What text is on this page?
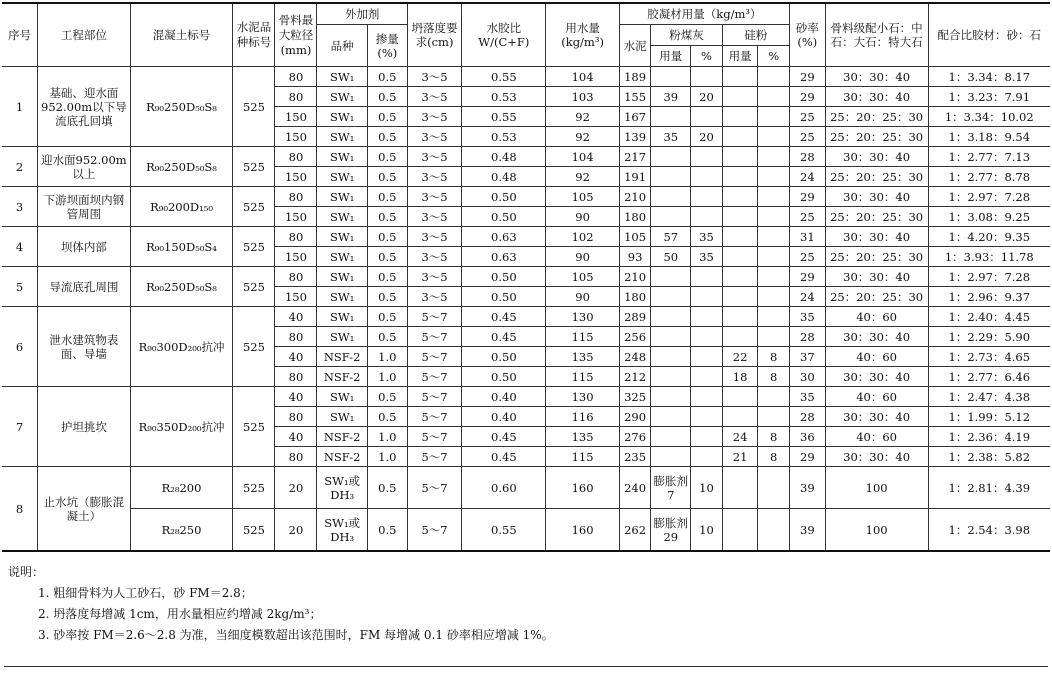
序号	工程部位	混凝土标号	水泥品种标号	骨料最大粒径(mm)	外加剂		坍落度要求(cm)	水胶比W/(C+F)	用水量(kg/m³)	胶凝材用量（kg/m³）					砂率(%)	骨料级配小石：中石：大石：特大石	配合比胶材：砂：石
					品种	掺量(%)				水泥	粉煤灰		硅粉				
											用量	%	用量	%			
1	基础、迎水面952.00m以下导流底孔回填	R₉₀250D₅₀S₈	525	80	SW₁	0.5	3～5	0.55	104	189					29	30：30：40	1：3.34：8.17
				80	SW₁	0.5	3～5	0.53	103	155	39	20			29	30：30：40	1：3.23：7.91
				150	SW₁	0.5	3～5	0.55	92	167					25	25：20：25：30	1：3.34：10.02
				150	SW₁	0.5	3～5	0.53	92	139	35	20			25	25：20：25：30	1：3.18：9.54
2	迎水面952.00m以上	R₉₀250D₅₀S₈	525	80	SW₁	0.5	3～5	0.48	104	217					28	30：30：40	1：2.77：7.13
				150	SW₁	0.5	3～5	0.48	92	191					24	25：20：25：30	1：2.77：8.78
3	下游坝面坝内钢管周围	R₉₀200D₁₅₀	525	80	SW₁	0.5	3～5	0.50	105	210					29	30：30：40	1：2.97：7.28
				150	SW₁	0.5	3～5	0.50	90	180					25	25：20：25：30	1：3.08：9.25
4	坝体内部	R₉₀150D₅₀S₄	525	80	SW₁	0.5	3～5	0.63	102	105	57	35			31	30：30：40	1：4.20：9.35
				150	SW₁	0.5	3～5	0.63	90	93	50	35			25	25：20：25：30	1：3.93：11.78
5	导流底孔周围	R₉₀250D₅₀S₈	525	80	SW₁	0.5	3～5	0.50	105	210					29	30：30：40	1：2.97：7.28
				150	SW₁	0.5	3～5	0.50	90	180					24	25：20：25：30	1：2.96：9.37
6	泄水建筑物表面、导墙	R₉₀300D₂₀₀抗冲	525	40	SW₁	0.5	5～7	0.45	130	289					35	40：60	1：2.40：4.45
				80	SW₁	0.5	5～7	0.45	115	256					28	30：30：40	1：2.29：5.90
				40	NSF-2	1.0	5～7	0.50	135	248			22	8	37	40：60	1：2.73：4.65
				80	NSF-2	1.0	5～7	0.50	115	212			18	8	30	30：30：40	1：2.77：6.46
7	护坦挑坎	R₉₀350D₂₀₀抗冲	525	40	SW₁	0.5	5～7	0.40	130	325					35	40：60	1：2.47：4.38
				80	SW₁	0.5	5～7	0.40	116	290					28	30：30：40	1：1.99：5.12
				40	NSF-2	1.0	5～7	0.45	135	276			24	8	36	40：60	1：2.36：4.19
				80	NSF-2	1.0	5～7	0.45	115	235			21	8	29	30：30：40	1：2.38：5.82
8	止水坑（膨胀混凝土）	R₂₈200	525	20	SW₁或DH₃	0.5	5～7	0.60	160	240	膨胀剂7	10			39	100	1：2.81：4.39
		R₂₈250	525	20	SW₁或DH₃	0.5	5～7	0.55	160	262	膨胀剂29	10			39	100	1：2.54：3.98
说明：
1. 粗细骨料为人工砂石，砂 FM＝2.8；
2. 坍落度每增减 1cm，用水量相应约增减 2kg/m³；
3. 砂率按 FM＝2.6～2.8 为准，当细度模数超出该范围时，FM 每增减 0.1 砂率相应增减 1%。
